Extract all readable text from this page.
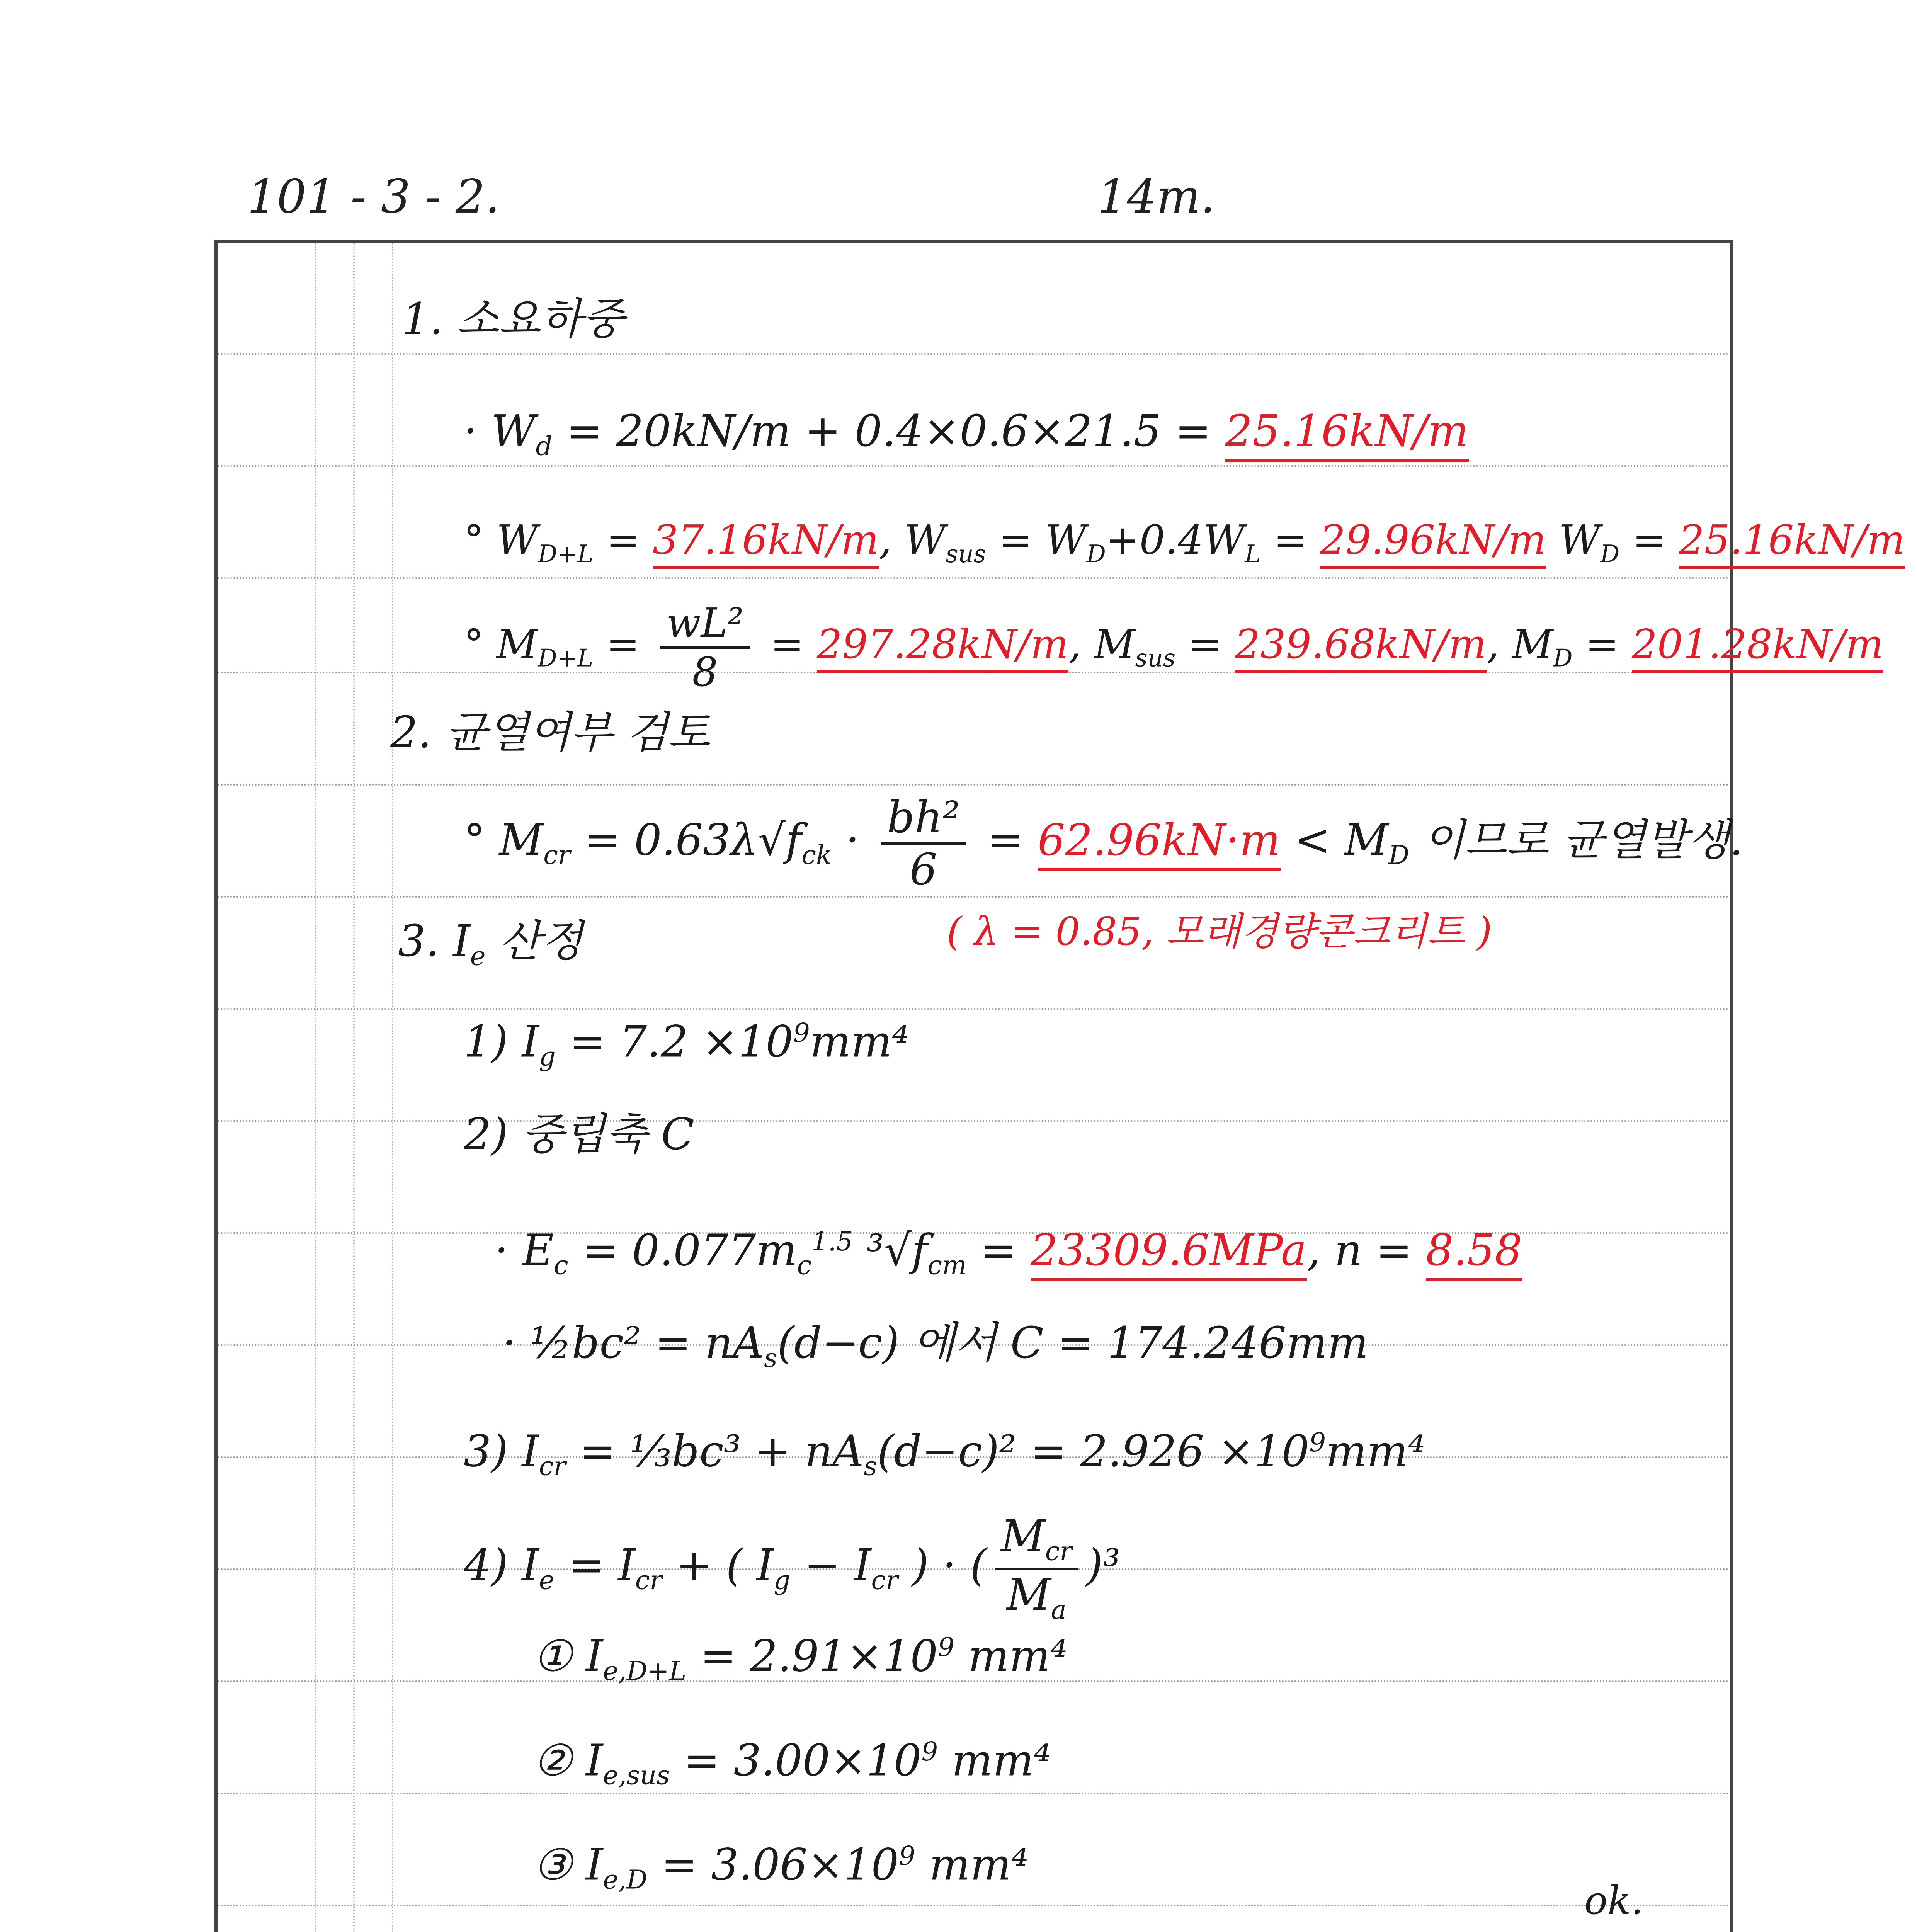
101 - 3 - 2.	14m.
1. 소요하중
· $W_d = 20kN/m + 0.4\times 0.6\times 21.5 = 25.16kN/m$
° $W_{D+L} = 37.16kN/m$, $W_{sus} = W_D+0.4W_L = 29.96kN/m$ $W_D = 25.16kN/m$
° $M_{D+L} = \frac{\text{wL²}}{8} = 297.28kN/m$, $M_{sus} = 239.68kN/m$, $M_D = 201.28kN/m$
2. 균열여부 검토
° $M_{cr} = 0.63\lambda√f_{ck} \cdot \frac{\text{bh²}}{6} = 62.96kN\cdot m < M_D$ 이므로 균열발생.
( λ = 0.85, 모래경량콘크리트 )
3. $I_e$ 산정
1) $I_g = 7.2 \times 10^9mm^4$
2) 중립축 C
· $E_c = 0.077m_c^{1.5}$ $^3√f_{cm} = 23309.6MPa$, n = 8.58
· ½bc² = $nA_s(d-c)$ 에서 C = 174.246mm
3) $I_{cr}$ = ⅓bc³ + $nA_s(d-c)^2 = 2.926 \times 10^9mm^4$
4) $I_e = I_{cr}$ + ( $I_g - I_{cr}$ ) · ( $\frac{M_{cr}}{M_a} )^3$
① $I_{e,D+L} = 2.91\times 10^9$ mm⁴
② $I_{e,sus} = 3.00\times 10^9$ mm⁴
③ $I_{e,D} = 3.06\times 10^9$ mm⁴
ok.
